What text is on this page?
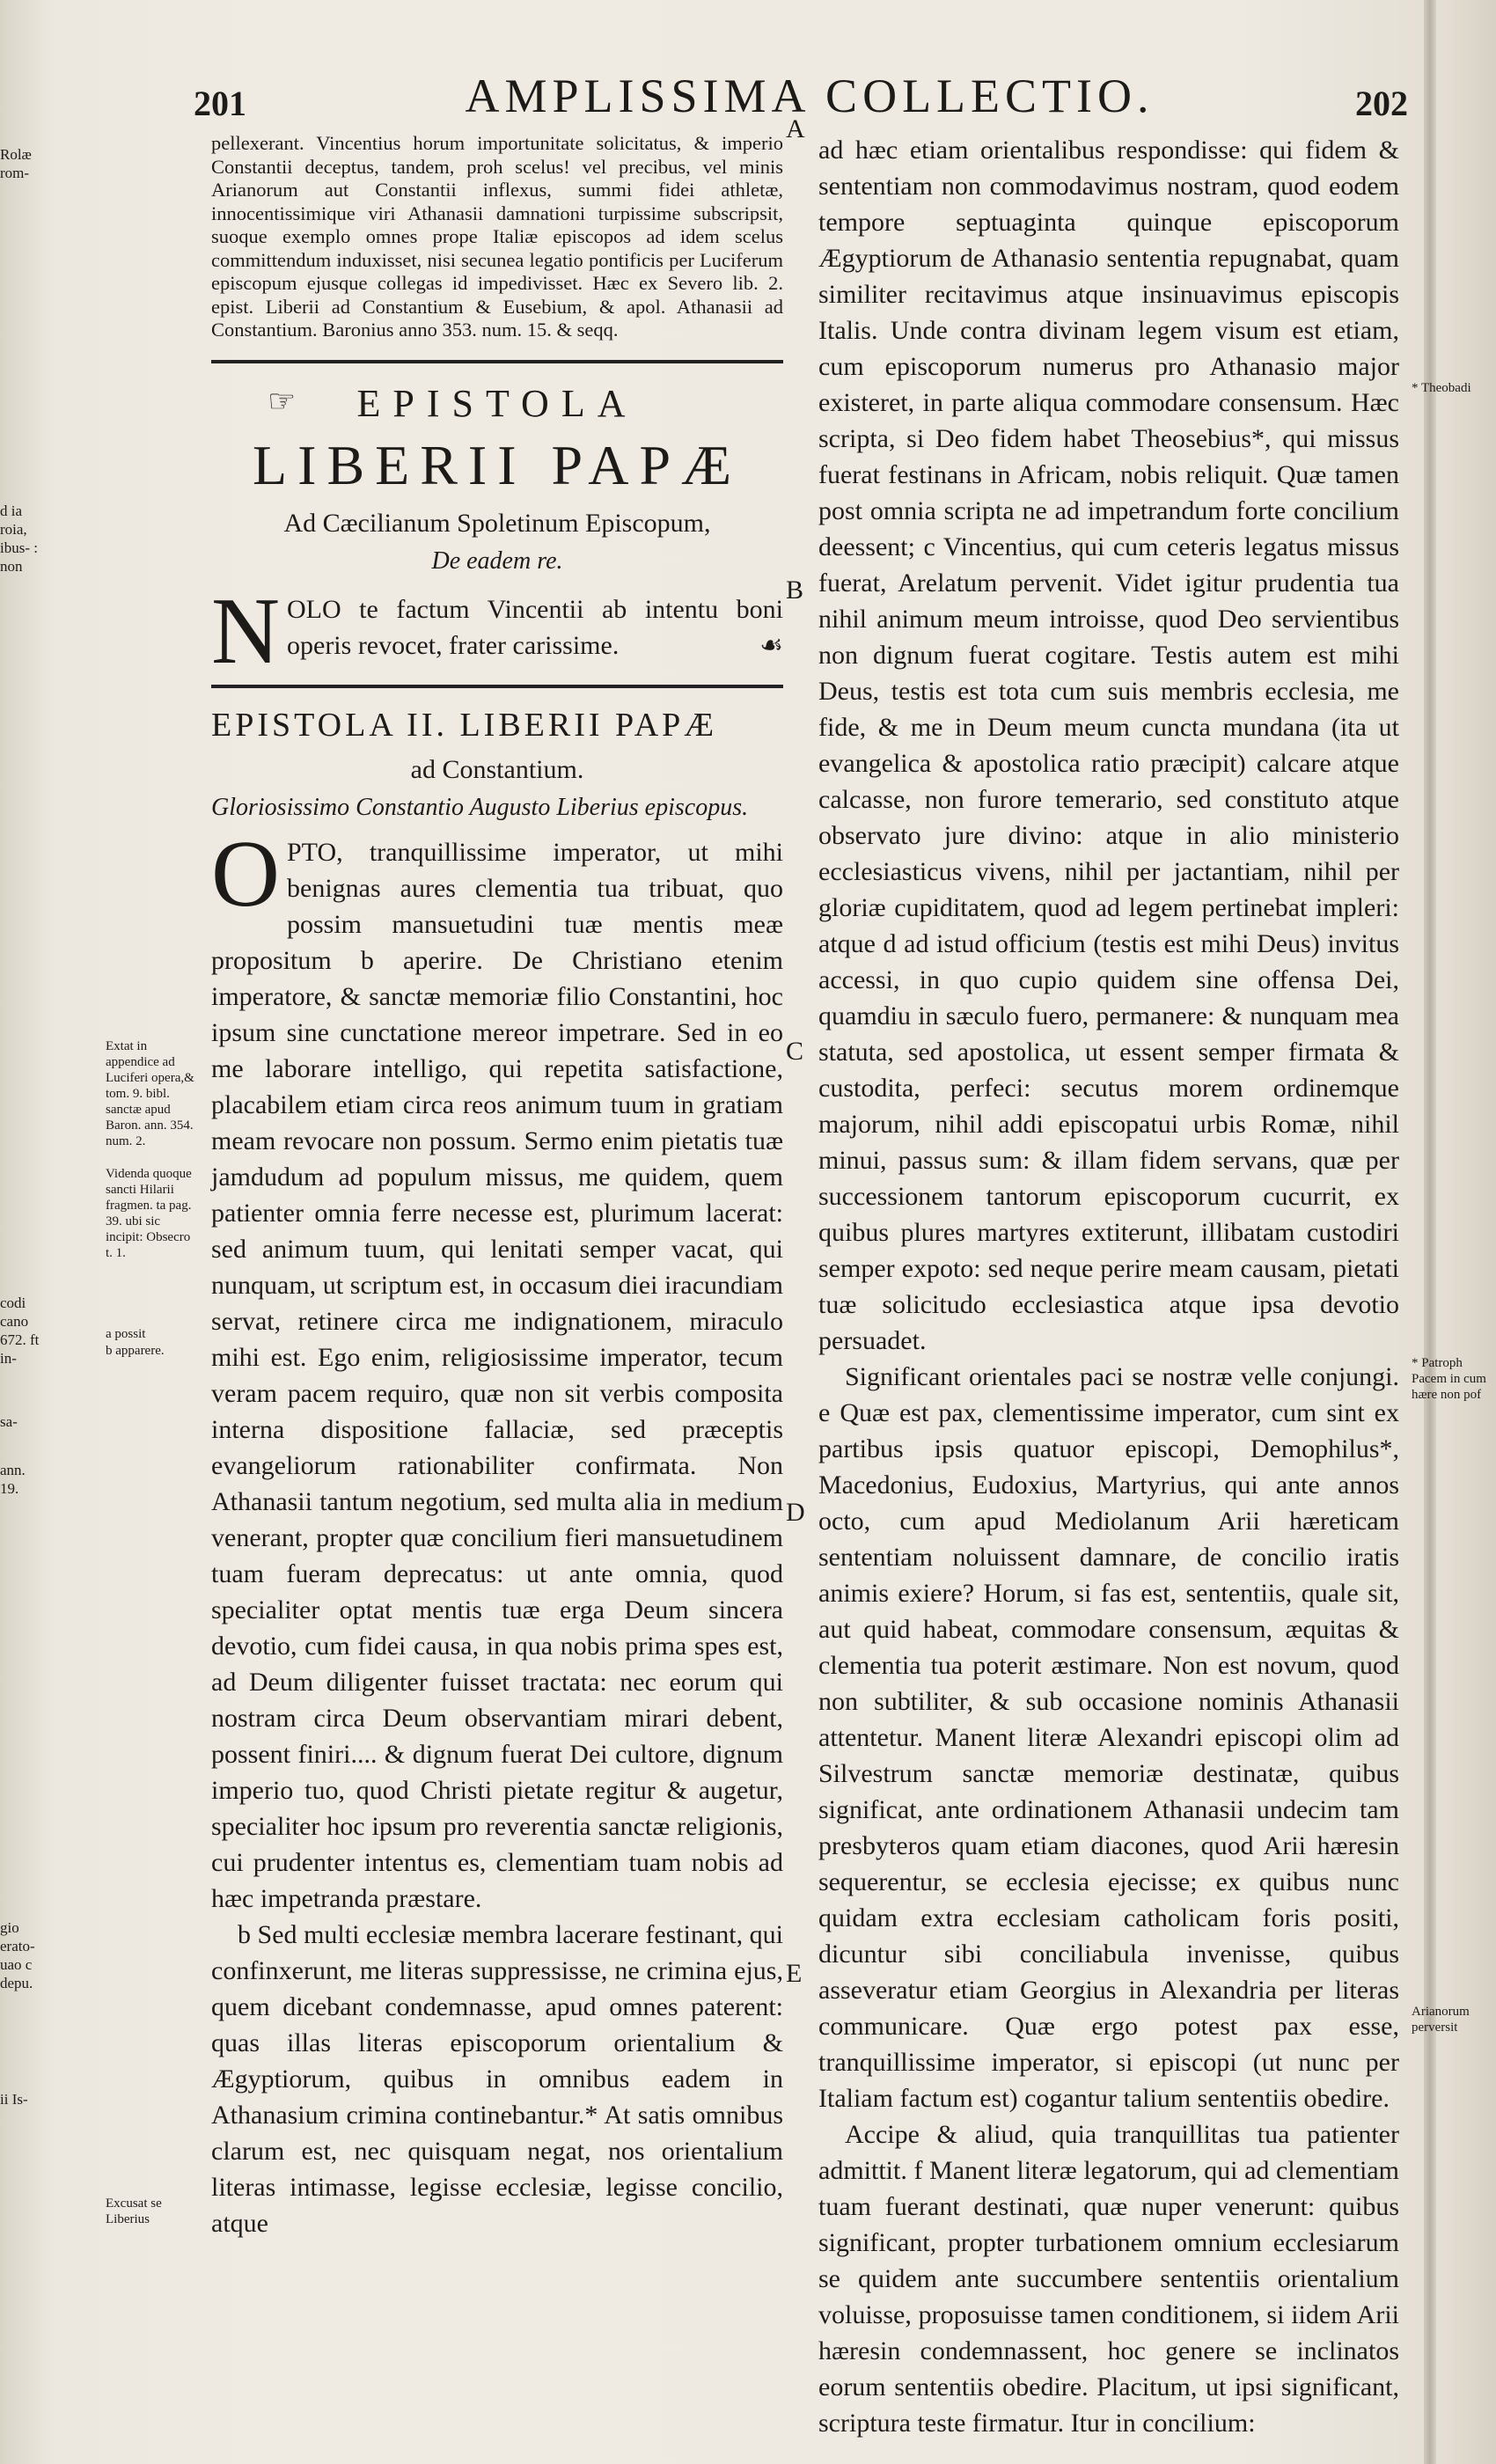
201	AMPLISSIMA COLLECTIO.	202
Rolæ rom-
d ia roia, ibus- : non
codi cano 672. ft in-
sa-
ann. 19.
gio erato- uao c depu.
ii Is-
Extat in appendice ad Luciferi opera,& tom. 9. bibl. sanctæ apud Baron. ann. 354. num. 2.
Videnda quoque sancti Hilarii fragmen. ta pag. 39. ubi sic incipit: Obsecro t. 1.
a possit
b apparere.
Excusat se Liberius
* Theobadi
* Patroph Pacem in cum hære non pof
Arianorum perversit
A
B
C
D
E

pellexerant. Vincentius horum importunitate solicitatus, & imperio Constantii deceptus, tandem, proh scelus! vel precibus, vel minis Arianorum aut Constantii inflexus, summi fidei athletæ, innocentissimique viri Athanasii damnationi turpissime subscripsit, suoque exemplo omnes prope Italiæ episcopos ad idem scelus committendum induxisset, nisi secunea legatio pontificis per Luciferum episcopum ejusque collegas id impedivisset. Hæc ex Severo lib. 2. epist. Liberii ad Constantium & Eusebium, & apol. Athanasii ad Constantium. Baronius anno 353. num. 15. & seqq.

☞ EPISTOLA
LIBERII PAPÆ
Ad Cæcilianum Spoletinum Episcopum,
De eadem re.

NOLO te factum Vincentii ab intentu boni operis revocet, frater carissime.	☙

EPISTOLA II. LIBERII PAPÆ
ad Constantium.
Gloriosissimo Constantio Augusto Liberius episcopus.

OPTO, tranquillissime imperator, ut mihi benignas aures clementia tua tribuat, quo possim mansuetudini tuæ mentis meæ propositum b aperire. De Christiano etenim imperatore, & sanctæ memoriæ filio Constantini, hoc ipsum sine cunctatione mereor impetrare. Sed in eo me laborare intelligo, qui repetita satisfactione, placabilem etiam circa reos animum tuum in gratiam meam revocare non possum. Sermo enim pietatis tuæ jamdudum ad populum missus, me quidem, quem patienter omnia ferre necesse est, plurimum lacerat: sed animum tuum, qui lenitati semper vacat, qui nunquam, ut scriptum est, in occasum diei iracundiam servat, retinere circa me indignationem, miraculo mihi est. Ego enim, religiosissime imperator, tecum veram pacem requiro, quæ non sit verbis composita interna dispositione fallaciæ, sed præceptis evangeliorum rationabiliter confirmata. Non Athanasii tantum negotium, sed multa alia in medium venerant, propter quæ concilium fieri mansuetudinem tuam fueram deprecatus: ut ante omnia, quod specialiter optat mentis tuæ erga Deum sincera devotio, cum fidei causa, in qua nobis prima spes est, ad Deum diligenter fuisset tractata: nec eorum qui nostram circa Deum observantiam mirari debent, possent finiri.... & dignum fuerat Dei cultore, dignum imperio tuo, quod Christi pietate regitur & augetur, specialiter hoc ipsum pro reverentia sanctæ religionis, cui prudenter intentus es, clementiam tuam nobis ad hæc impetranda præstare.

b Sed multi ecclesiæ membra lacerare festinant, qui confinxerunt, me literas suppressisse, ne crimina ejus, quem dicebant condemnasse, apud omnes paterent: quas illas literas episcoporum orientalium & Ægyptiorum, quibus in omnibus eadem in Athanasium crimina continebantur.* At satis omnibus clarum est, nec quisquam negat, nos orientalium literas intimasse, legisse ecclesiæ, legisse concilio, atque

ad hæc etiam orientalibus respondisse: qui fidem & sententiam non commodavimus nostram, quod eodem tempore septuaginta quinque episcoporum Ægyptiorum de Athanasio sententia repugnabat, quam similiter recitavimus atque insinuavimus episcopis Italis. Unde contra divinam legem visum est etiam, cum episcoporum numerus pro Athanasio major existeret, in parte aliqua commodare consensum. Hæc scripta, si Deo fidem habet Theosebius*, qui missus fuerat festinans in Africam, nobis reliquit. Quæ tamen post omnia scripta ne ad impetrandum forte concilium deessent; c Vincentius, qui cum ceteris legatus missus fuerat, Arelatum pervenit. Videt igitur prudentia tua nihil animum meum introisse, quod Deo servientibus non dignum fuerat cogitare. Testis autem est mihi Deus, testis est tota cum suis membris ecclesia, me fide, & me in Deum meum cuncta mundana (ita ut evangelica & apostolica ratio præcipit) calcare atque calcasse, non furore temerario, sed constituto atque observato jure divino: atque in alio ministerio ecclesiasticus vivens, nihil per jactantiam, nihil per gloriæ cupiditatem, quod ad legem pertinebat impleri: atque d ad istud officium (testis est mihi Deus) invitus accessi, in quo cupio quidem sine offensa Dei, quamdiu in sæculo fuero, permanere: & nunquam mea statuta, sed apostolica, ut essent semper firmata & custodita, perfeci: secutus morem ordinemque majorum, nihil addi episcopatui urbis Romæ, nihil minui, passus sum: & illam fidem servans, quæ per successionem tantorum episcoporum cucurrit, ex quibus plures martyres extiterunt, illibatam custodiri semper expoto: sed neque perire meam causam, pietati tuæ solicitudo ecclesiastica atque ipsa devotio persuadet.

Significant orientales paci se nostræ velle conjungi. e Quæ est pax, clementissime imperator, cum sint ex partibus ipsis quatuor episcopi, Demophilus*, Macedonius, Eudoxius, Martyrius, qui ante annos octo, cum apud Mediolanum Arii hæreticam sententiam noluissent damnare, de concilio iratis animis exiere? Horum, si fas est, sententiis, quale sit, aut quid habeat, commodare consensum, æquitas & clementia tua poterit æstimare. Non est novum, quod non subtiliter, & sub occasione nominis Athanasii attentetur. Manent literæ Alexandri episcopi olim ad Silvestrum sanctæ memoriæ destinatæ, quibus significat, ante ordinationem Athanasii undecim tam presbyteros quam etiam diacones, quod Arii hæresin sequerentur, se ecclesia ejecisse; ex quibus nunc quidam extra ecclesiam catholicam foris positi, dicuntur sibi conciliabula invenisse, quibus asseveratur etiam Georgius in Alexandria per literas communicare. Quæ ergo potest pax esse, tranquillissime imperator, si episcopi (ut nunc per Italiam factum est) cogantur talium sententiis obedire.

Accipe & aliud, quia tranquillitas tua patienter admittit. f Manent literæ legatorum, qui ad clementiam tuam fuerant destinati, quæ nuper venerunt: quibus significant, propter turbationem omnium ecclesiarum se quidem ante succumbere sententiis orientalium voluisse, proposuisse tamen conditionem, si iidem Arii hæresin condemnassent, hoc genere se inclinatos eorum sententiis obedire. Placitum, ut ipsi significant, scriptura teste firmatur. Itur in concilium:
